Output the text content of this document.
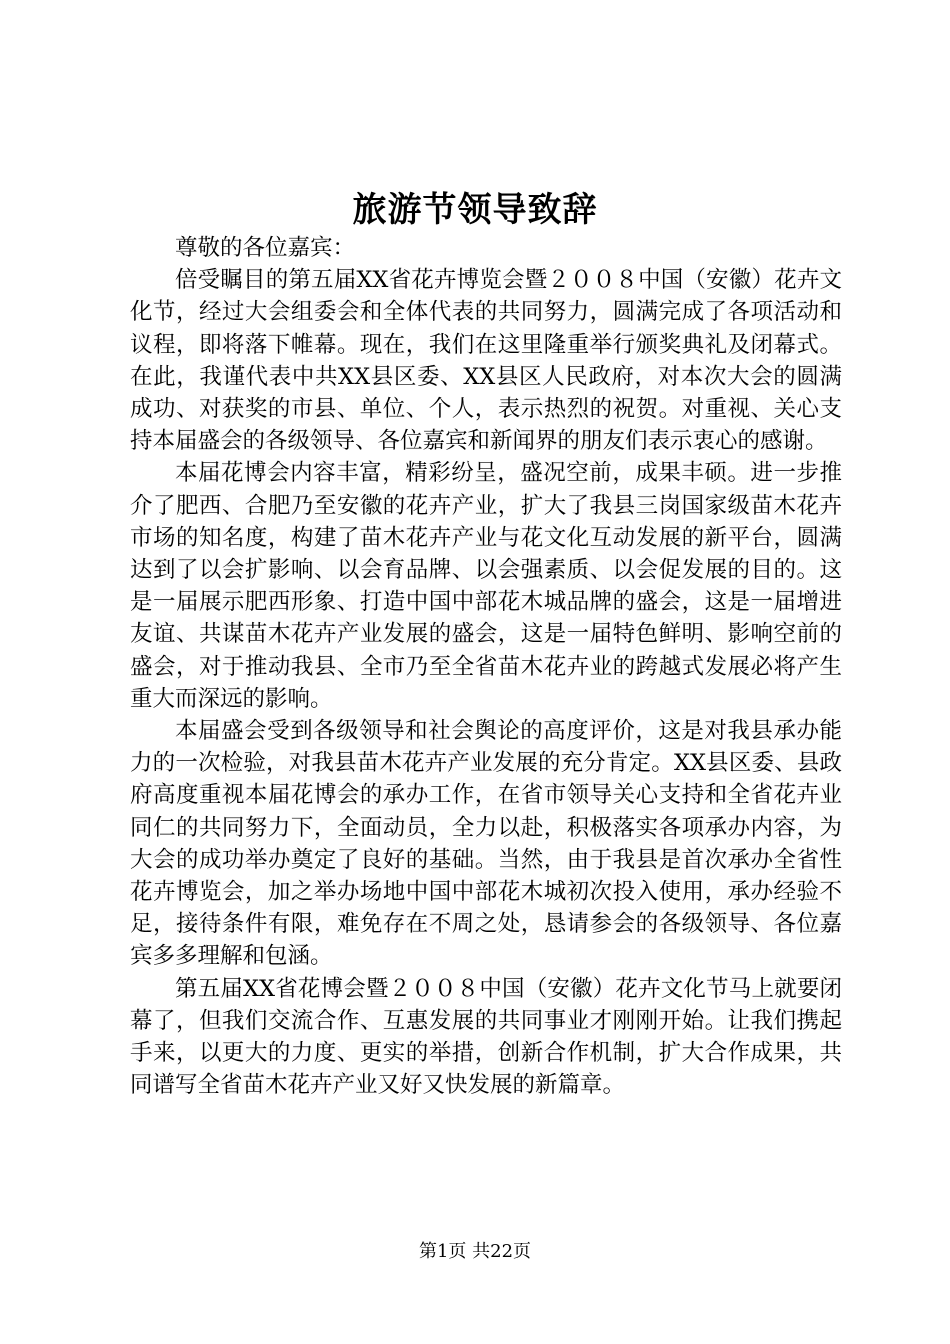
旅游节领导致辞

尊敬的各位嘉宾：

倍受瞩目的第五届XX省花卉博览会暨２００８中国（安徽）花卉文化节，经过大会组委会和全体代表的共同努力，圆满完成了各项活动和议程，即将落下帷幕。现在，我们在这里隆重举行颁奖典礼及闭幕式。在此，我谨代表中共XX县区委、XX县区人民政府，对本次大会的圆满成功、对获奖的市县、单位、个人，表示热烈的祝贺。对重视、关心支持本届盛会的各级领导、各位嘉宾和新闻界的朋友们表示衷心的感谢。

本届花博会内容丰富，精彩纷呈，盛况空前，成果丰硕。进一步推介了肥西、合肥乃至安徽的花卉产业，扩大了我县三岗国家级苗木花卉市场的知名度，构建了苗木花卉产业与花文化互动发展的新平台，圆满达到了以会扩影响、以会育品牌、以会强素质、以会促发展的目的。这是一届展示肥西形象、打造中国中部花木城品牌的盛会，这是一届增进友谊、共谋苗木花卉产业发展的盛会，这是一届特色鲜明、影响空前的盛会，对于推动我县、全市乃至全省苗木花卉业的跨越式发展必将产生重大而深远的影响。

本届盛会受到各级领导和社会舆论的高度评价，这是对我县承办能力的一次检验，对我县苗木花卉产业发展的充分肯定。XX县区委、县政府高度重视本届花博会的承办工作，在省市领导关心支持和全省花卉业同仁的共同努力下，全面动员，全力以赴，积极落实各项承办内容，为大会的成功举办奠定了良好的基础。当然，由于我县是首次承办全省性花卉博览会，加之举办场地中国中部花木城初次投入使用，承办经验不足，接待条件有限，难免存在不周之处，恳请参会的各级领导、各位嘉宾多多理解和包涵。

第五届XX省花博会暨２００８中国（安徽）花卉文化节马上就要闭幕了，但我们交流合作、互惠发展的共同事业才刚刚开始。让我们携起手来，以更大的力度、更实的举措，创新合作机制，扩大合作成果，共同谱写全省苗木花卉产业又好又快发展的新篇章。

第1页 共22页
